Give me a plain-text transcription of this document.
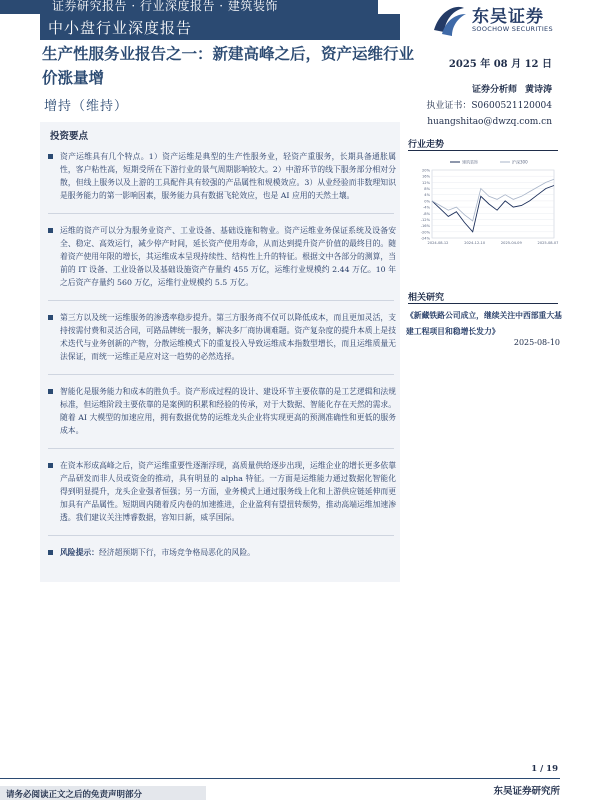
证券研究报告 · 行业深度报告 · 建筑装饰
中小盘行业深度报告
东吴证券
SOOCHOW SECURITIES
生产性服务业报告之一：新建高峰之后，资产运维行业价涨量增
2025 年 08 月 12 日
增持（维持）
证券分析师 黄诗涛
执业证书：S0600521120004
huangshitao@dwzq.com.cn
投资要点
资产运维具有几个特点。1）资产运维是典型的生产性服务业，轻资产重服务，长期具备通胀属性，客户粘性高，短期受所在下游行业的景气周期影响较大。2）中游环节的线下服务部分相对分散，但线上服务以及上游的工具配件具有较强的产品属性和规模效应。3）从业经验而非数理知识是服务能力的第一影响因素，服务能力具有数据飞轮效应，也是 AI 应用的天然土壤。
运维的资产可以分为服务业资产、工业设备、基础设施和物业。资产运维业务保证系统及设备安全、稳定、高效运行，减少停产时间，延长资产使用寿命，从而达到提升资产价值的最终目的。随着资产使用年限的增长，其运维成本呈现持续性、结构性上升的特征。根据文中各部分的测算，当前的 IT 设备、工业设备以及基础设施资产存量约 455 万亿，运维行业规模约 2.44 万亿。10 年之后资产存量约 560 万亿，运维行业规模约 5.5 万亿。
第三方以及统一运维服务的渗透率稳步提升。第三方服务商不仅可以降低成本，而且更加灵活，支持按需付费和灵活合同，可路品牌统一服务，解决多厂商协调难题。资产复杂度的提升本质上是技术迭代与业务创新的产物，分散运维模式下的重复投入导致运维成本指数型增长，而且运维质量无法保证，而统一运维正是应对这一趋势的必然选择。
智能化是服务能力和成本的胜负手。资产形成过程的设计、建设环节主要依靠的是工艺逻辑和法规标准，但运维阶段主要依靠的是案例的积累和经验的传承，对于大数据、智能化存在天然的需求。随着 AI 大模型的加速应用，拥有数据优势的运维龙头企业将实现更高的预测准确性和更低的服务成本。
在资本形成高峰之后，资产运维重要性逐渐浮现，高质量供给逐步出现，运维企业的增长更多依靠产品研发而非人员或资金的推动，具有明显的 alpha 特征。一方面是运维能力通过数据化智能化得到明显提升，龙头企业强者恒强；另一方面，业务模式上通过服务线上化和上游供应链延伸而更加具有产品属性。短期周内随着反内卷的加速推进，企业盈利有望扭转颓势，推动高端运维加速渗透。我们建议关注博睿数据，容知日新，威孚国际。
风险提示：经济超预期下行，市场竞争格局恶化的风险。
行业走势
20%
16%
12%
8%
4%
0%
-4%
-8%
-12%
-16%
-20%
-24%
2024-08-12	2024-12-10	2025-04-09	2025-08-07
建筑装饰	沪深300
相关研究
《新藏铁路公司成立，继续关注中西部重大基建工程项目和稳增长发力》
2025-08-10
1 / 19
请务必阅读正文之后的免责声明部分	东吴证券研究所
